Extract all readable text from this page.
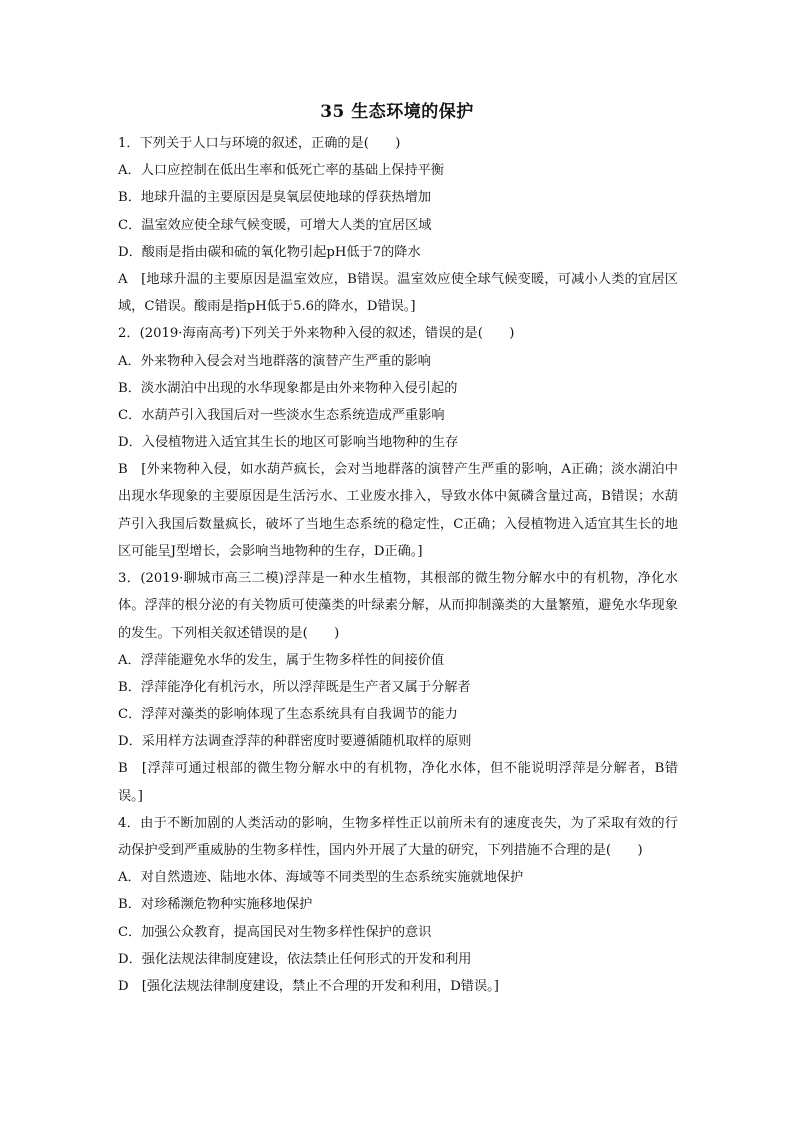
35 生态环境的保护
1．下列关于人口与环境的叙述，正确的是(　　)
A．人口应控制在低出生率和低死亡率的基础上保持平衡
B．地球升温的主要原因是臭氧层使地球的俘获热增加
C．温室效应使全球气候变暖，可增大人类的宜居区域
D．酸雨是指由碳和硫的氧化物引起pH低于7的降水
A　[地球升温的主要原因是温室效应，B错误。温室效应使全球气候变暖，可减小人类的宜居区域，C错误。酸雨是指pH低于5.6的降水，D错误。]
2．(2019·海南高考)下列关于外来物种入侵的叙述，错误的是(　　)
A．外来物种入侵会对当地群落的演替产生严重的影响
B．淡水湖泊中出现的水华现象都是由外来物种入侵引起的
C．水葫芦引入我国后对一些淡水生态系统造成严重影响
D．入侵植物进入适宜其生长的地区可影响当地物种的生存
B　[外来物种入侵，如水葫芦疯长，会对当地群落的演替产生严重的影响，A正确；淡水湖泊中出现水华现象的主要原因是生活污水、工业废水排入，导致水体中氮磷含量过高，B错误；水葫芦引入我国后数量疯长，破坏了当地生态系统的稳定性，C正确；入侵植物进入适宜其生长的地区可能呈J型增长，会影响当地物种的生存，D正确。]
3．(2019·聊城市高三二模)浮萍是一种水生植物，其根部的微生物分解水中的有机物，净化水体。浮萍的根分泌的有关物质可使藻类的叶绿素分解，从而抑制藻类的大量繁殖，避免水华现象的发生。下列相关叙述错误的是(　　)
A．浮萍能避免水华的发生，属于生物多样性的间接价值
B．浮萍能净化有机污水，所以浮萍既是生产者又属于分解者
C．浮萍对藻类的影响体现了生态系统具有自我调节的能力
D．采用样方法调查浮萍的种群密度时要遵循随机取样的原则
B　[浮萍可通过根部的微生物分解水中的有机物，净化水体，但不能说明浮萍是分解者，B错误。]
4．由于不断加剧的人类活动的影响，生物多样性正以前所未有的速度丧失，为了采取有效的行动保护受到严重威胁的生物多样性，国内外开展了大量的研究，下列措施不合理的是(　　)
A．对自然遗迹、陆地水体、海域等不同类型的生态系统实施就地保护
B．对珍稀濒危物种实施移地保护
C．加强公众教育，提高国民对生物多样性保护的意识
D．强化法规法律制度建设，依法禁止任何形式的开发和利用
D　[强化法规法律制度建设，禁止不合理的开发和利用，D错误。]
